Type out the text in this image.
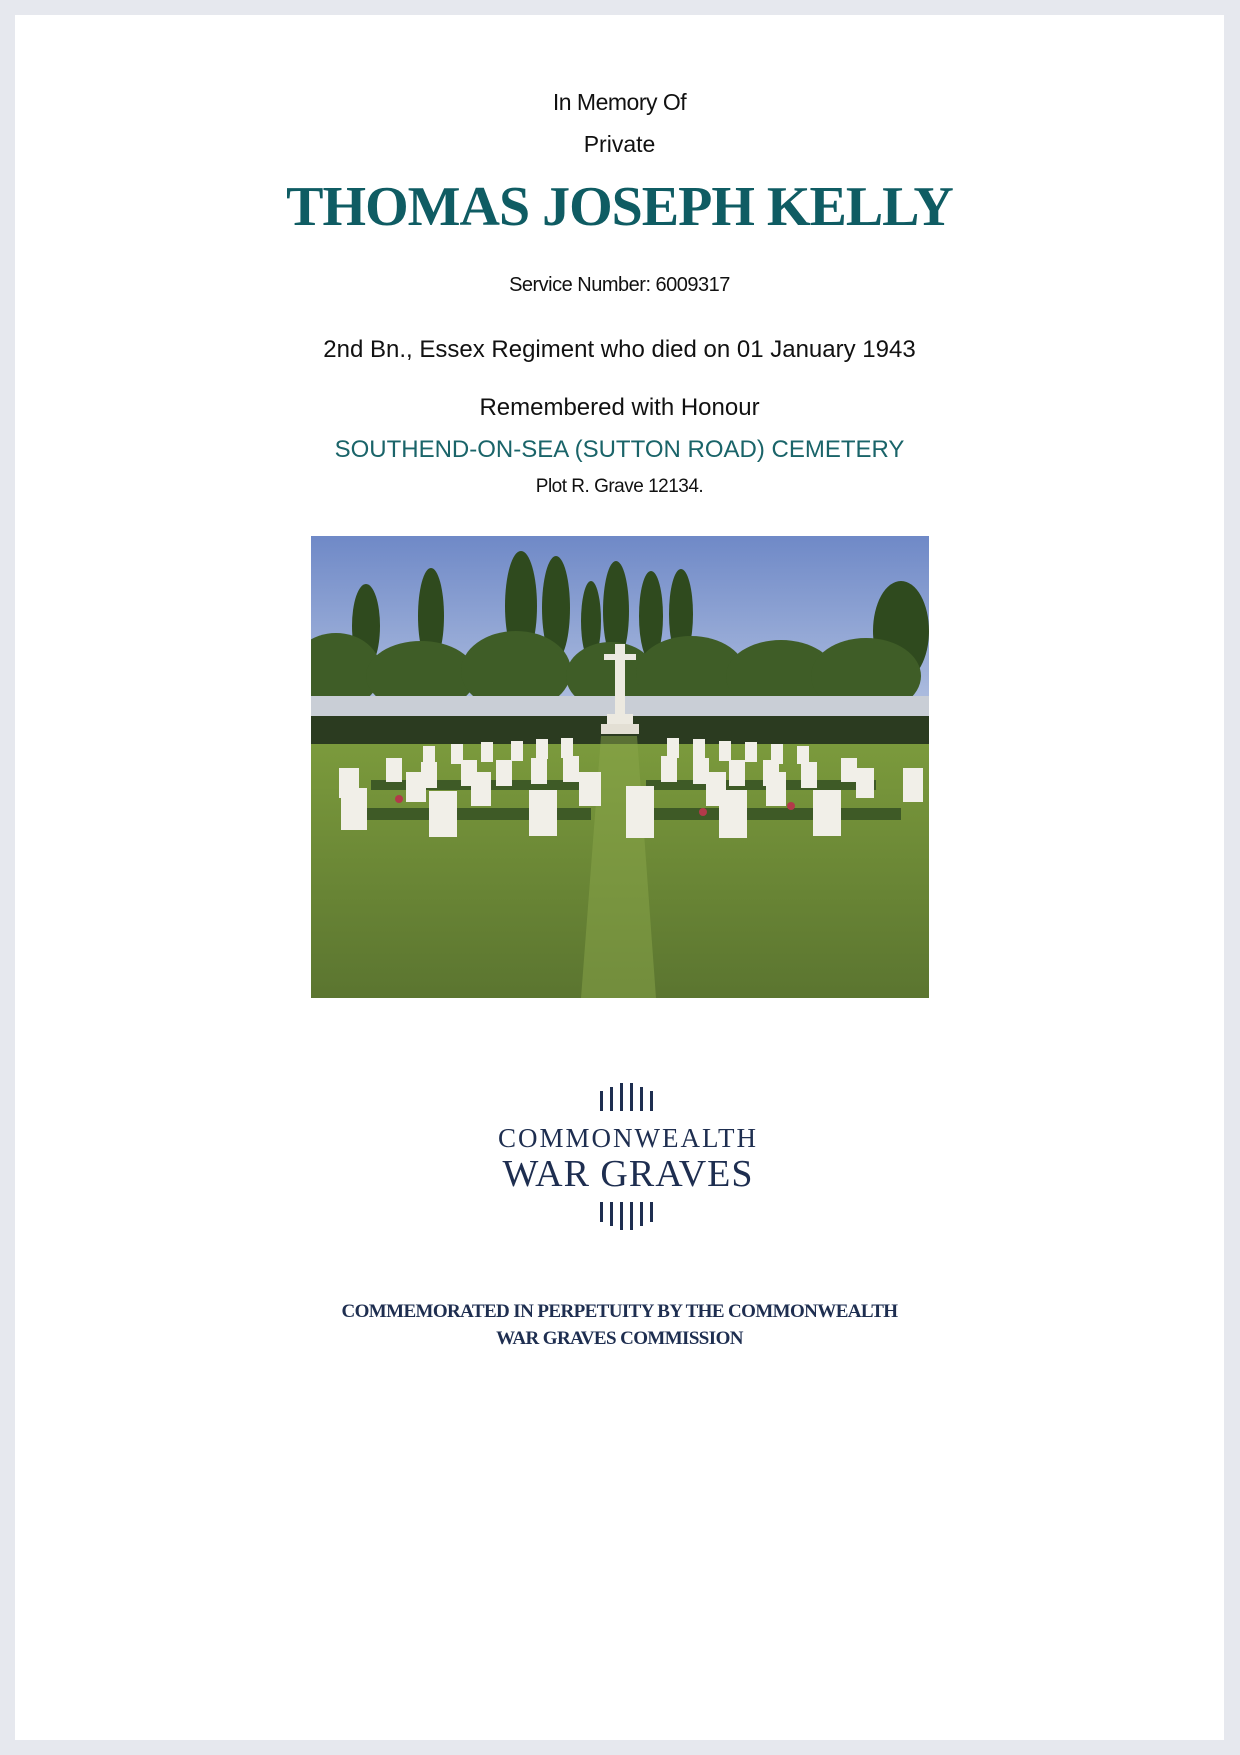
In Memory Of
Private
THOMAS JOSEPH KELLY
Service Number: 6009317
2nd Bn., Essex Regiment who died on 01 January 1943
Remembered with Honour
SOUTHEND-ON-SEA (SUTTON ROAD) CEMETERY
Plot R. Grave 12134.
COMMONWEALTH
WAR GRAVES
COMMEMORATED IN PERPETUITY BY THE COMMONWEALTH
WAR GRAVES COMMISSION
